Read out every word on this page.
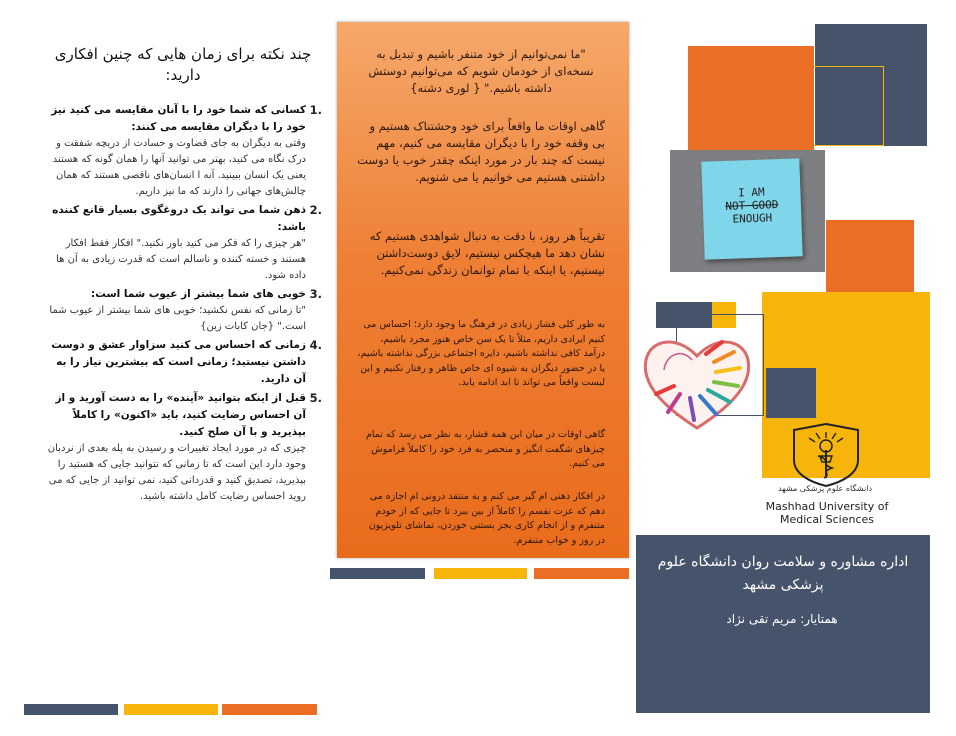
چند نکته برای زمان هایی که چنین افکاری دارید:
.1
کسانی که شما خود را با آنان مقایسه می کنید نیز خود را با دیگران مقایسه می کنند:
وقتی به دیگران به جای قضاوت و حسادت از دریچه شفقت و درک نگاه می کنید، بهتر می توانید آنها را همان گونه که هستند یعنی یک انسان ببینید. آنه ا انسان‌های ناقصی هستند که همان چالش‌های جهانی را دارند که ما نیز داریم.
.2
ذهن شما می تواند یک دروغگوی بسیار قانع کننده باشد:
"هر چیزی را که فکر می کنید باور نکنید." افکار فقط افکار هستند و خسته کننده و ناسالم است که قدرت زیادی به آن ها داده شود.
.3
خوبی های شما بیشتر از عیوب شما است:
"تا زمانی که نفس نکشید؛ خوبی های شما بیشتر از عیوب شما است." {جان کابات زین}
.4
زمانی که احساس می کنید سزاوار عشق و دوست داشتن نیستید؛ زمانی است که بیشترین نیاز را به آن دارید.
.5
قبل از اینکه بتوانید «آینده» را به دست آورید و از آن احساس رضایت کنید، باید «اکنون» را کاملاً بپذیرید و با آن صلح کنید.
چیزی که در مورد ایجاد تغییرات و رسیدن به پله بعدی از نردبان وجود دارد این است که تا زمانی که نتوانید جایی که هستید را بپذیرید، تصدیق کنید و قدردانی کنید، نمی توانید از جایی که می روید احساس رضایت کامل داشته باشید.
"ما نمی‌توانیم از خود متنفر باشیم و تبدیل به نسخه‌ای از خودمان شویم که می‌توانیم دوستش داشته باشیم." { لوری دشنه}
گاهی اوقات ما واقعاً برای خود وحشتناک هستیم و بی وقفه خود را با دیگران مقایسه می کنیم، مهم نیست که چند بار در مورد اینکه چقدر خوب یا دوست داشتنی هستیم می خوانیم یا می شنویم.
تقریباً هر روز، با دقت به دنبال شواهدی هستیم که نشان دهد ما هیچکس نیستیم، لایق دوست‌داشتن نیستیم، یا اینکه با تمام توانمان زندگی نمی‌کنیم.
به طور کلی فشار زیادی در فرهنگ ما وجود دارد؛ احساس می کنیم ایرادی داریم، مثلاً تا یک سن خاص هنوز مجرد باشیم، درآمد کافی نداشته باشیم، دایره اجتماعی بزرگی نداشته باشیم، یا در حضور دیگران به شیوه ای خاص ظاهر و رفتار نکنیم و این لیست واقعاً می تواند تا ابد ادامه یابد.
گاهی اوقات در میان این همه فشار، به نظر می رسد که تمام چیزهای شگفت انگیز و منحصر به فرد خود را کاملاً فراموش می کنیم.
در افکار ذهنی ام گیر می کنم و به منتقد درونی ام اجازه می دهم که عزت نفسم را کاملاً از بین ببرد تا جایی که از خودم متنفرم و از انجام کاری بجز بستنی خوردن، تماشای تلویزیون در روز و خواب متنفرم.
I AM
NOT GOOD
ENOUGH
دانشگاه علوم پزشکی مشهد
Mashhad University of
Medical Sciences
اداره مشاوره و سلامت روان دانشگاه علوم پزشکی مشهد
همتایار: مریم تقی نژاد
